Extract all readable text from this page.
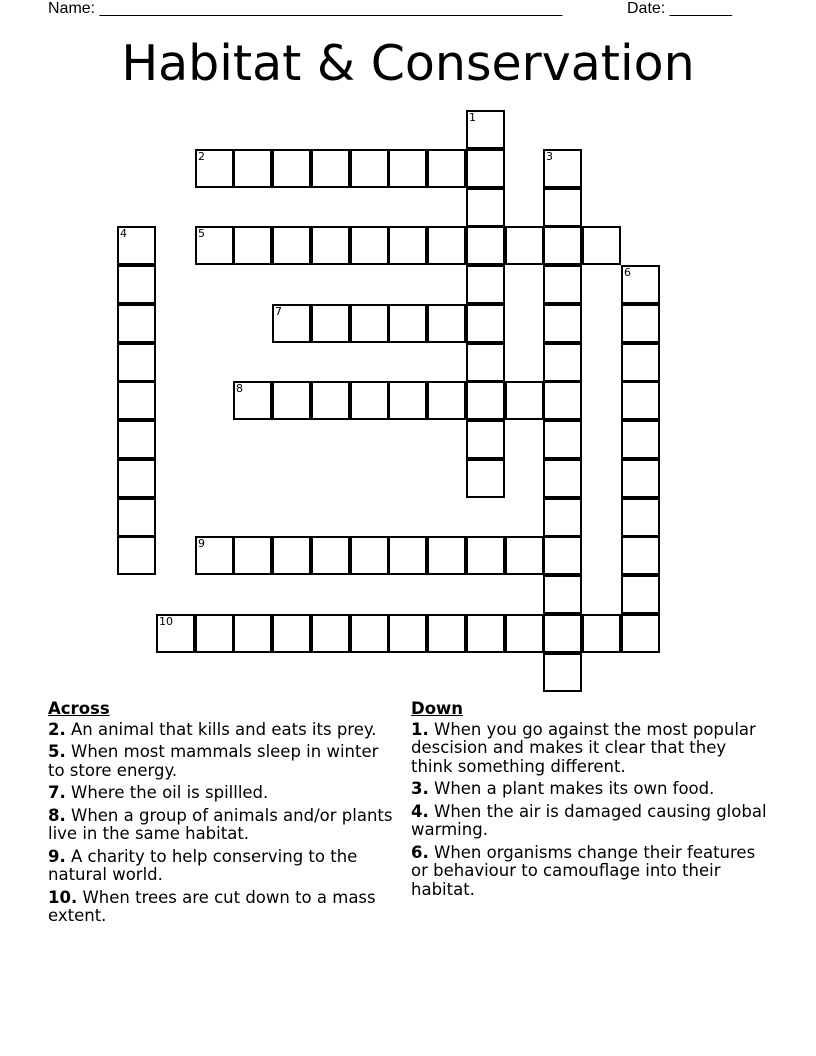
Name: ____________________________________________________	Date: _______
Habitat & Conservation
1
2	3
4	5
6
7
8
9
10
Across
2. An animal that kills and eats its prey.
5. When most mammals sleep in winter to store energy.
7. Where the oil is spillled.
8. When a group of animals and/or plants live in the same habitat.
9. A charity to help conserving to the natural world.
10. When trees are cut down to a mass extent.
Down
1. When you go against the most popular descision and makes it clear that they think something different.
3. When a plant makes its own food.
4. When the air is damaged causing global warming.
6. When organisms change their features or behaviour to camouflage into their habitat.
